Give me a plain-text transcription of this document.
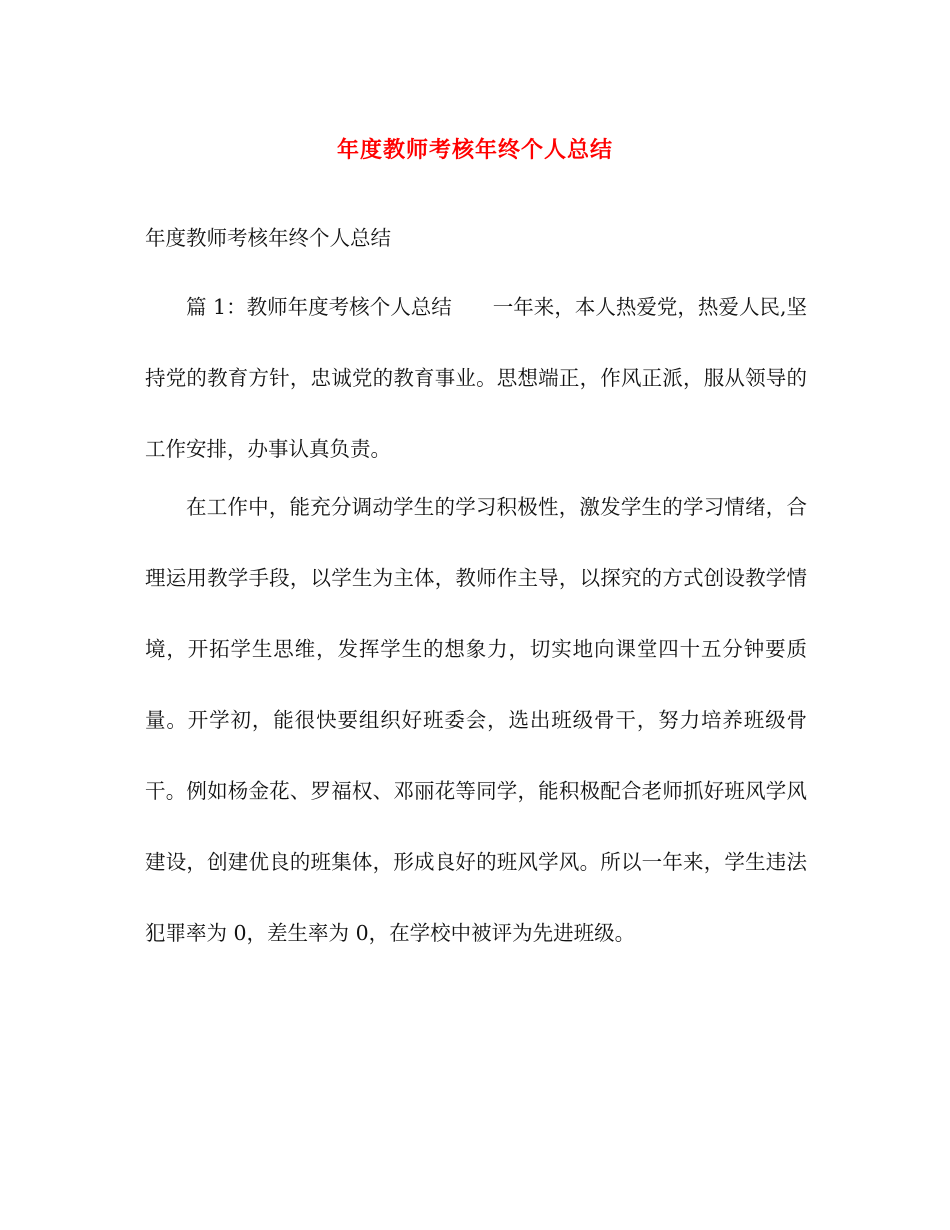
年度教师考核年终个人总结

年度教师考核年终个人总结

篇 1：教师年度考核个人总结 一年来，本人热爱党，热爱人民,坚持党的教育方针，忠诚党的教育事业。思想端正，作风正派，服从领导的工作安排，办事认真负责。

在工作中，能充分调动学生的学习积极性，激发学生的学习情绪，合理运用教学手段，以学生为主体，教师作主导，以探究的方式创设教学情境，开拓学生思维，发挥学生的想象力，切实地向课堂四十五分钟要质量。开学初，能很快要组织好班委会，选出班级骨干，努力培养班级骨干。例如杨金花、罗福权、邓丽花等同学，能积极配合老师抓好班风学风建设，创建优良的班集体，形成良好的班风学风。所以一年来，学生违法犯罪率为 0，差生率为 0，在学校中被评为先进班级。
